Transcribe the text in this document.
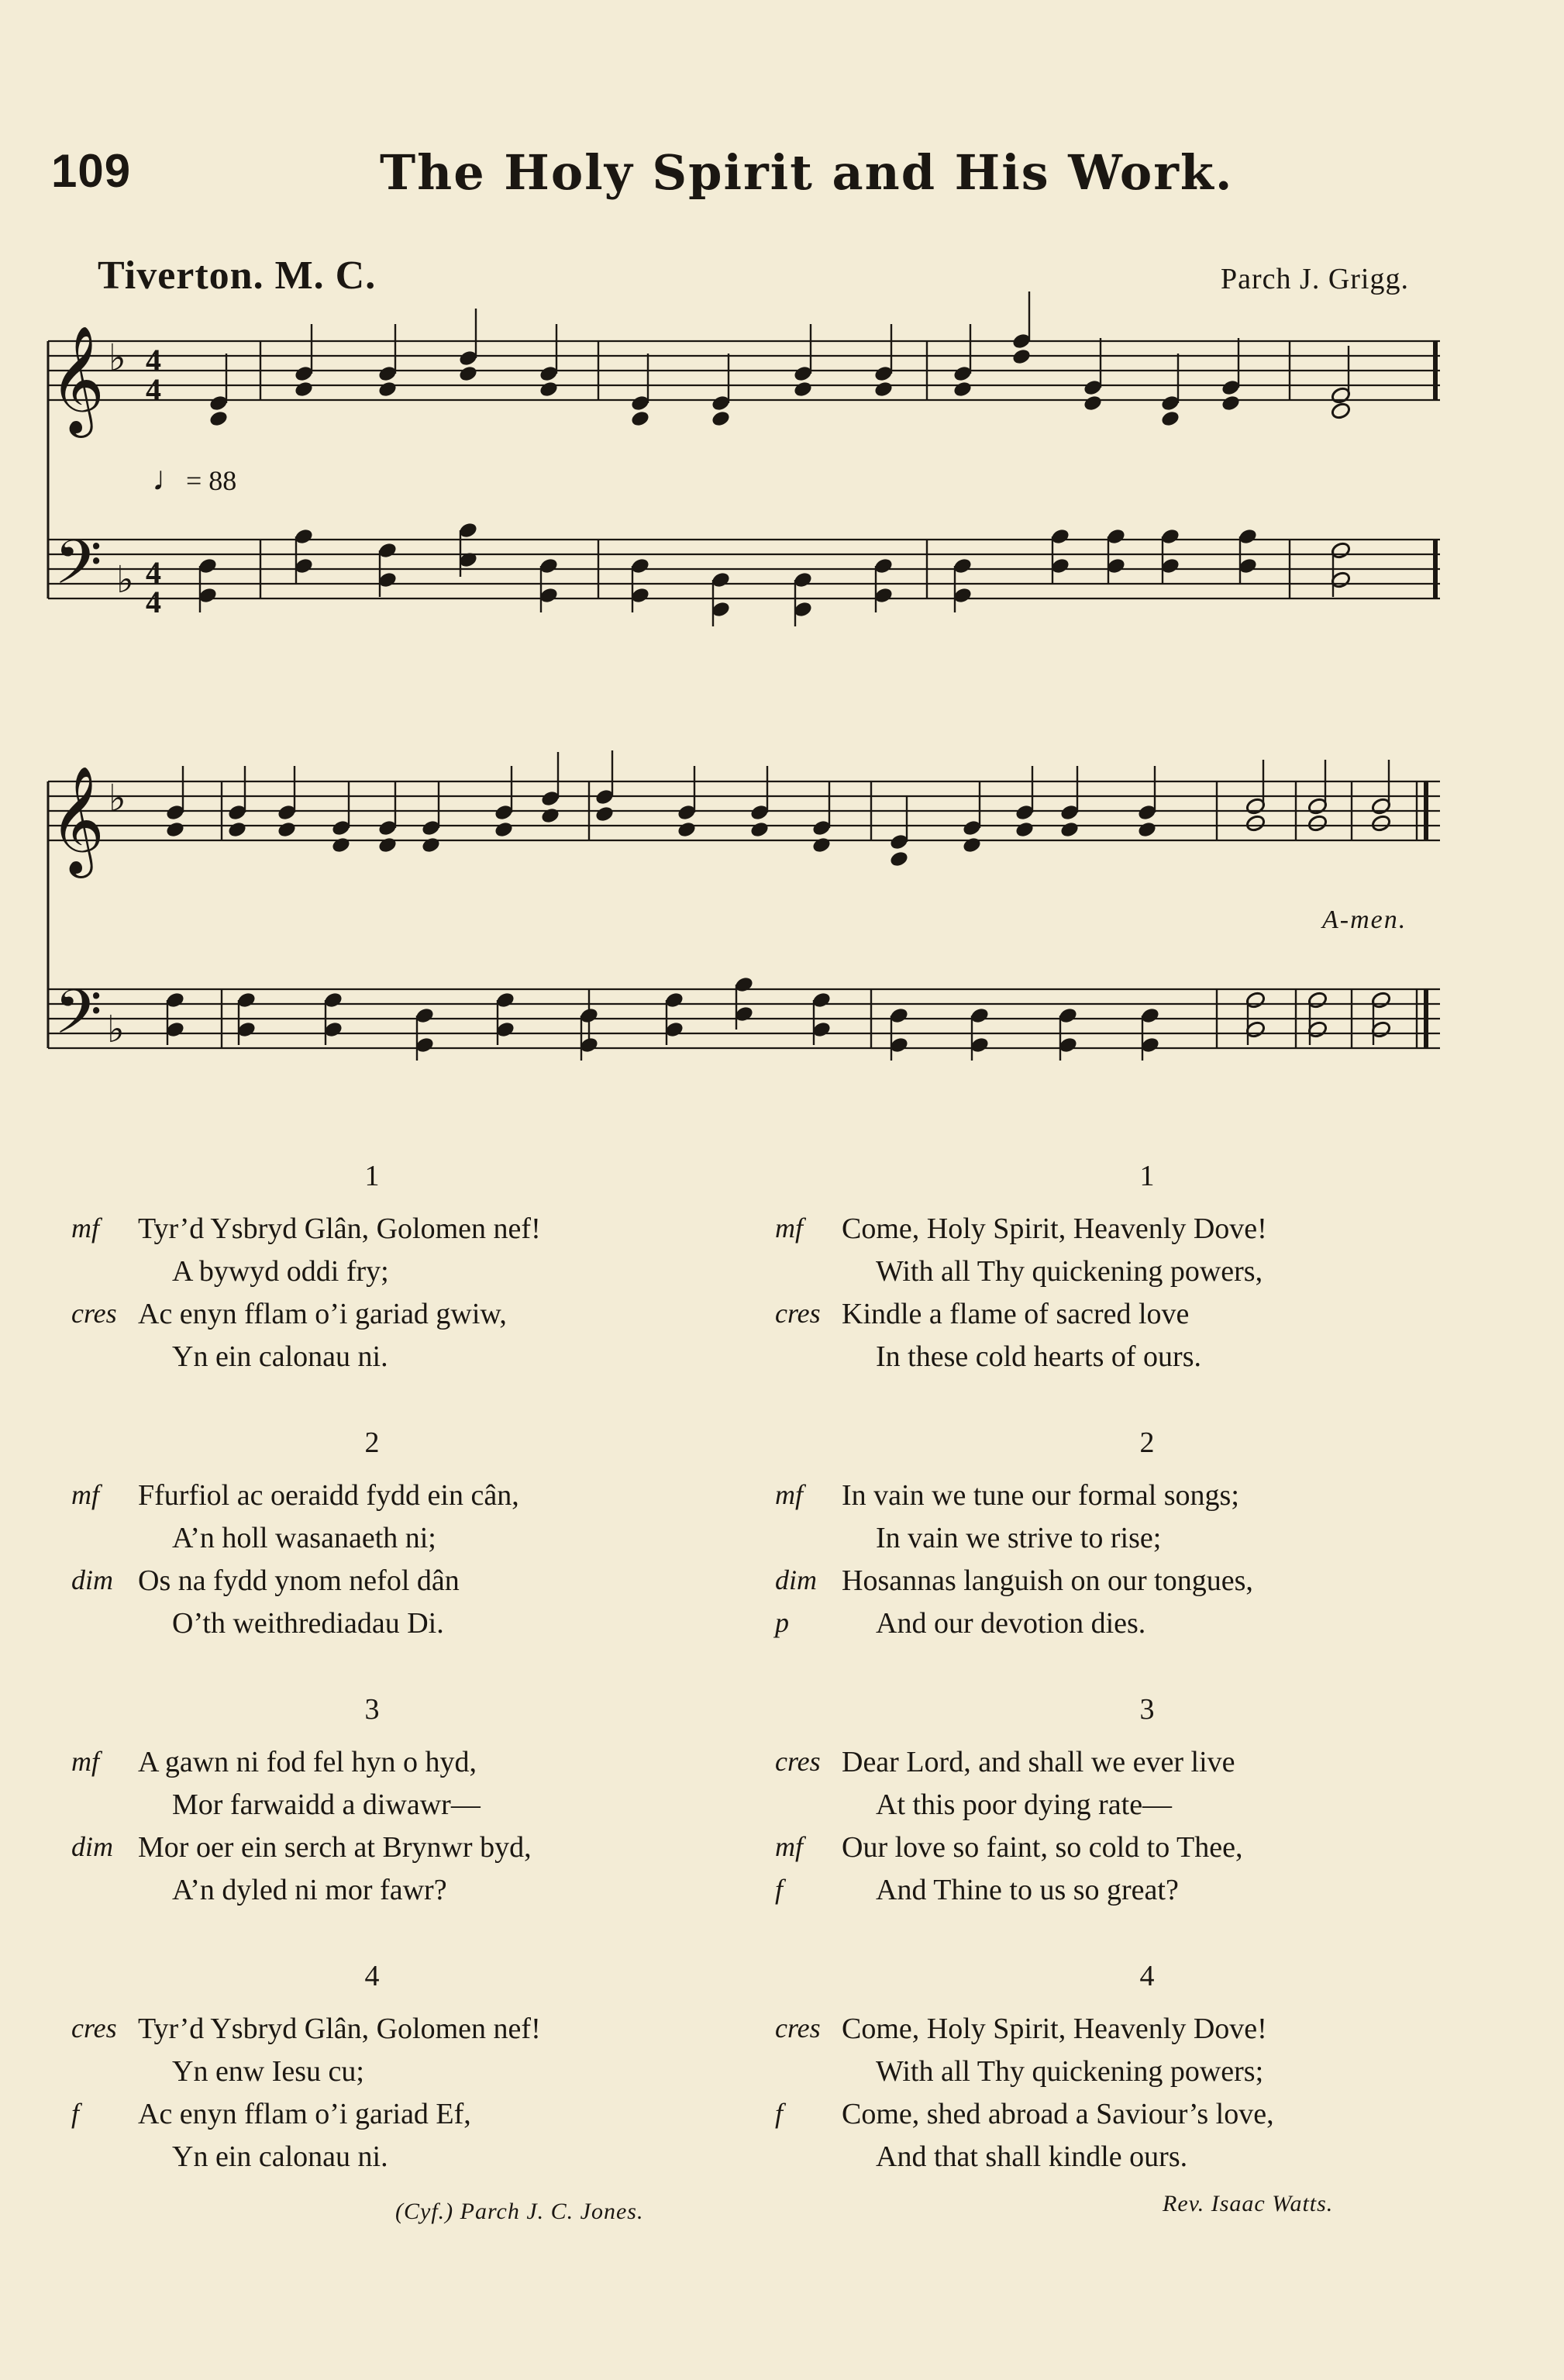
109	The Holy Spirit and His Work.
Tiverton. M. C.	Parch J. Grigg.
♩= 88
𝄞
𝄢
♭
♭
4
4
4
4
𝄞
𝄢
♭
♭
A-men.
1
Tyr’d Ysbryd Glân, Golomen nef!
mf
A bywyd oddi fry;
Ac enyn fflam o’i gariad gwiw,
cres
Yn ein calonau ni.
2
Ffurfiol ac oeraidd fydd ein cân,
mf
A’n holl wasanaeth ni;
Os na fydd ynom nefol dân
dim
O’th weithrediadau Di.
3
A gawn ni fod fel hyn o hyd,
mf
Mor farwaidd a diwawr—
Mor oer ein serch at Brynwr byd,
dim
A’n dyled ni mor fawr?
4
Tyr’d Ysbryd Glân, Golomen nef!
cres
Yn enw Iesu cu;
Ac enyn fflam o’i gariad Ef,
f
Yn ein calonau ni.
1
Come, Holy Spirit, Heavenly Dove!
mf
With all Thy quickening powers,
Kindle a flame of sacred love
cres
In these cold hearts of ours.
2
In vain we tune our formal songs;
mf
In vain we strive to rise;
Hosannas languish on our tongues,
dim
And our devotion dies.
p
3
Dear Lord, and shall we ever live
cres
At this poor dying rate—
Our love so faint, so cold to Thee,
mf
And Thine to us so great?
f
4
Come, Holy Spirit, Heavenly Dove!
cres
With all Thy quickening powers;
Come, shed abroad a Saviour’s love,
f
And that shall kindle ours.
(Cyf.) Parch J. C. Jones.	Rev. Isaac Watts.
